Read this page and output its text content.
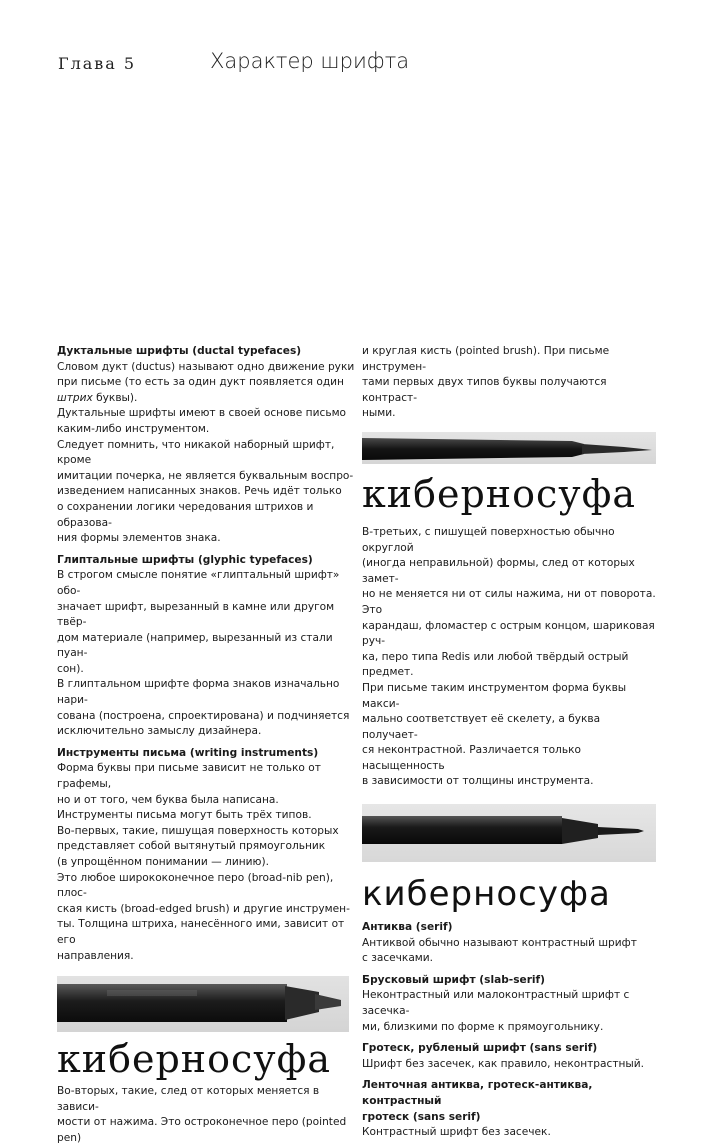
Глава 5	Характер шрифта
Дуктальные шрифты (ductal typefaces)

Словом дукт (ductus) называют одно движение руки

при письме (то есть за один дукт появляется один

штрих буквы).

Дуктальные шрифты имеют в своей основе письмо

каким-либо инструментом.

Следует помнить, что никакой наборный шрифт, кроме

имитации почерка, не является буквальным воспро-

изведением написанных знаков. Речь идёт только

о сохранении логики чередования штрихов и образова-

ния формы элементов знака.

Глиптальные шрифты (glyphic typefaces)

В строгом смысле понятие «глиптальный шрифт» обо-

значает шрифт, вырезанный в камне или другом твёр-

дом материале (например, вырезанный из стали пуан-

сон).

В глиптальном шрифте форма знаков изначально нари-

сована (построена, спроектирована) и подчиняется

исключительно замыслу дизайнера.

Инструменты письма (writing instruments)

Форма буквы при письме зависит не только от графемы,

но и от того, чем буква была написана.

Инструменты письма могут быть трёх типов.

Во-первых, такие, пишущая поверхность которых

представляет собой вытянутый прямоугольник

(в упрощённом понимании — линию).

Это любое ширококонечное перо (broad-nib pen), плос-

ская кисть (broad-edged brush) и другие инструмен-

ты. Толщина штриха, нанесённого ими, зависит от его

направления.

киберносуфа

Во-вторых, такие, след от которых меняется в зависи-

мости от нажима. Это остроконечное перо (pointed pen)

и круглая кисть (pointed brush). При письме инструмен-

тами первых двух типов буквы получаются контраст-

ными.

киберносуфа

В-третьих, с пишущей поверхностью обычно округлой

(иногда неправильной) формы, след от которых замет-

но не меняется ни от силы нажима, ни от поворота. Это

карандаш, фломастер с острым концом, шариковая руч-

ка, перо типа Redis или любой твёрдый острый предмет.

При письме таким инструментом форма буквы макси-

мально соответствует её скелету, а буква получает-

ся неконтрастной. Различается только насыщенность

в зависимости от толщины инструмента.

киберносуфа
Антиква (serif)

Антиквой обычно называют контрастный шрифт

с засечками.

Брусковый шрифт (slab-serif)

Неконтрастный или малоконтрастный шрифт с засечка-

ми, близкими по форме к прямоугольнику.

Гротеск, рубленый шрифт (sans serif)

Шрифт без засечек, как правило, неконтрастный.

Ленточная антиква, гротеск-антиква, контрастный
гротеск (sans serif)

Контрастный шрифт без засечек.
